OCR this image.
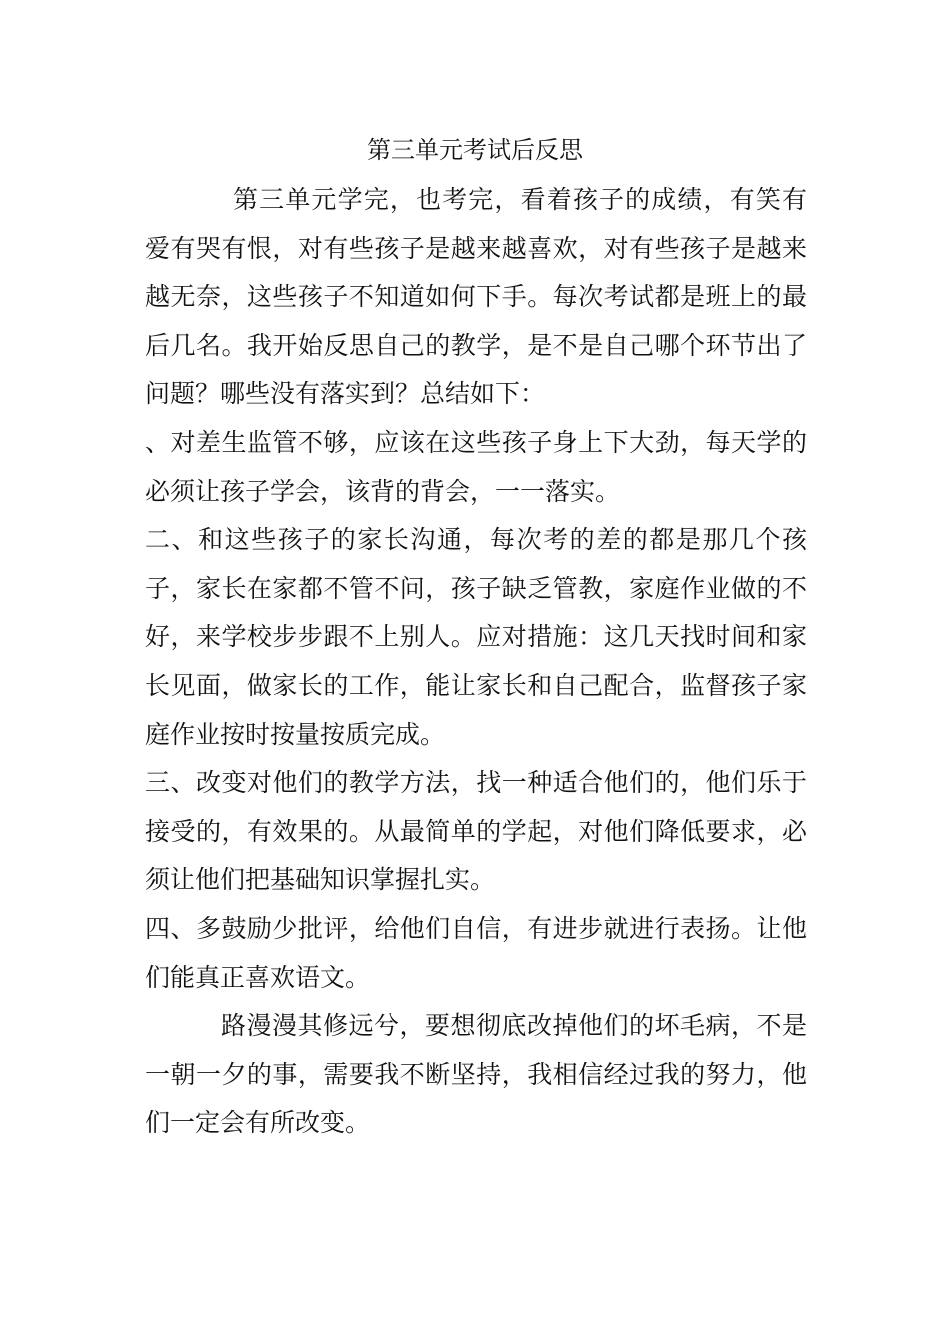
第三单元考试后反思

第三单元学完，也考完，看着孩子的成绩，有笑有爱有哭有恨，对有些孩子是越来越喜欢，对有些孩子是越来越无奈，这些孩子不知道如何下手。每次考试都是班上的最后几名。我开始反思自己的教学，是不是自己哪个环节出了问题？哪些没有落实到？总结如下：

、对差生监管不够，应该在这些孩子身上下大劲，每天学的必须让孩子学会，该背的背会，一一落实。

二、和这些孩子的家长沟通，每次考的差的都是那几个孩子，家长在家都不管不问，孩子缺乏管教，家庭作业做的不好，来学校步步跟不上别人。应对措施：这几天找时间和家长见面，做家长的工作，能让家长和自己配合，监督孩子家庭作业按时按量按质完成。

三、改变对他们的教学方法，找一种适合他们的，他们乐于接受的，有效果的。从最简单的学起，对他们降低要求，必须让他们把基础知识掌握扎实。

四、多鼓励少批评，给他们自信，有进步就进行表扬。让他们能真正喜欢语文。

路漫漫其修远兮，要想彻底改掉他们的坏毛病，不是一朝一夕的事，需要我不断坚持，我相信经过我的努力，他们一定会有所改变。
